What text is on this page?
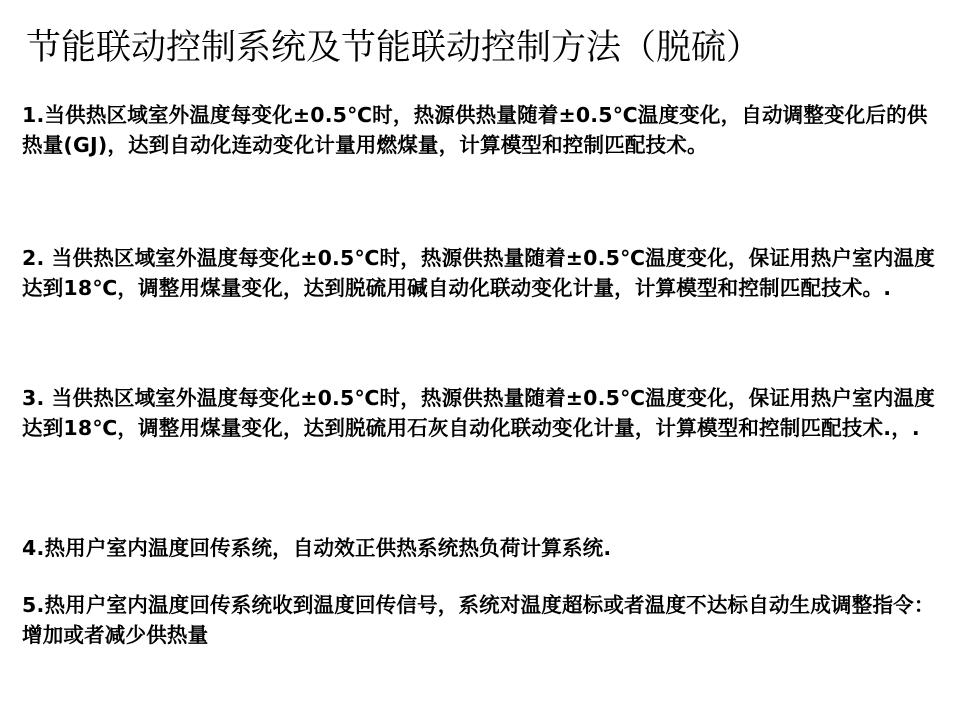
节能联动控制系统及节能联动控制方法（脱硫）
1.当供热区域室外温度每变化±0.5℃时，热源供热量随着±0.5℃温度变化，自动调整变化后的供热量(GJ)，达到自动化连动变化计量用燃煤量，计算模型和控制匹配技术。
2. 当供热区域室外温度每变化±0.5℃时，热源供热量随着±0.5℃温度变化，保证用热户室内温度达到18℃，调整用煤量变化，达到脱硫用碱自动化联动变化计量，计算模型和控制匹配技术。.
3. 当供热区域室外温度每变化±0.5℃时，热源供热量随着±0.5℃温度变化，保证用热户室内温度达到18℃，调整用煤量变化，达到脱硫用石灰自动化联动变化计量，计算模型和控制匹配技术.，.
4.热用户室内温度回传系统，自动效正供热系统热负荷计算系统.
5.热用户室内温度回传系统收到温度回传信号，系统对温度超标或者温度不达标自动生成调整指令：增加或者减少供热量
